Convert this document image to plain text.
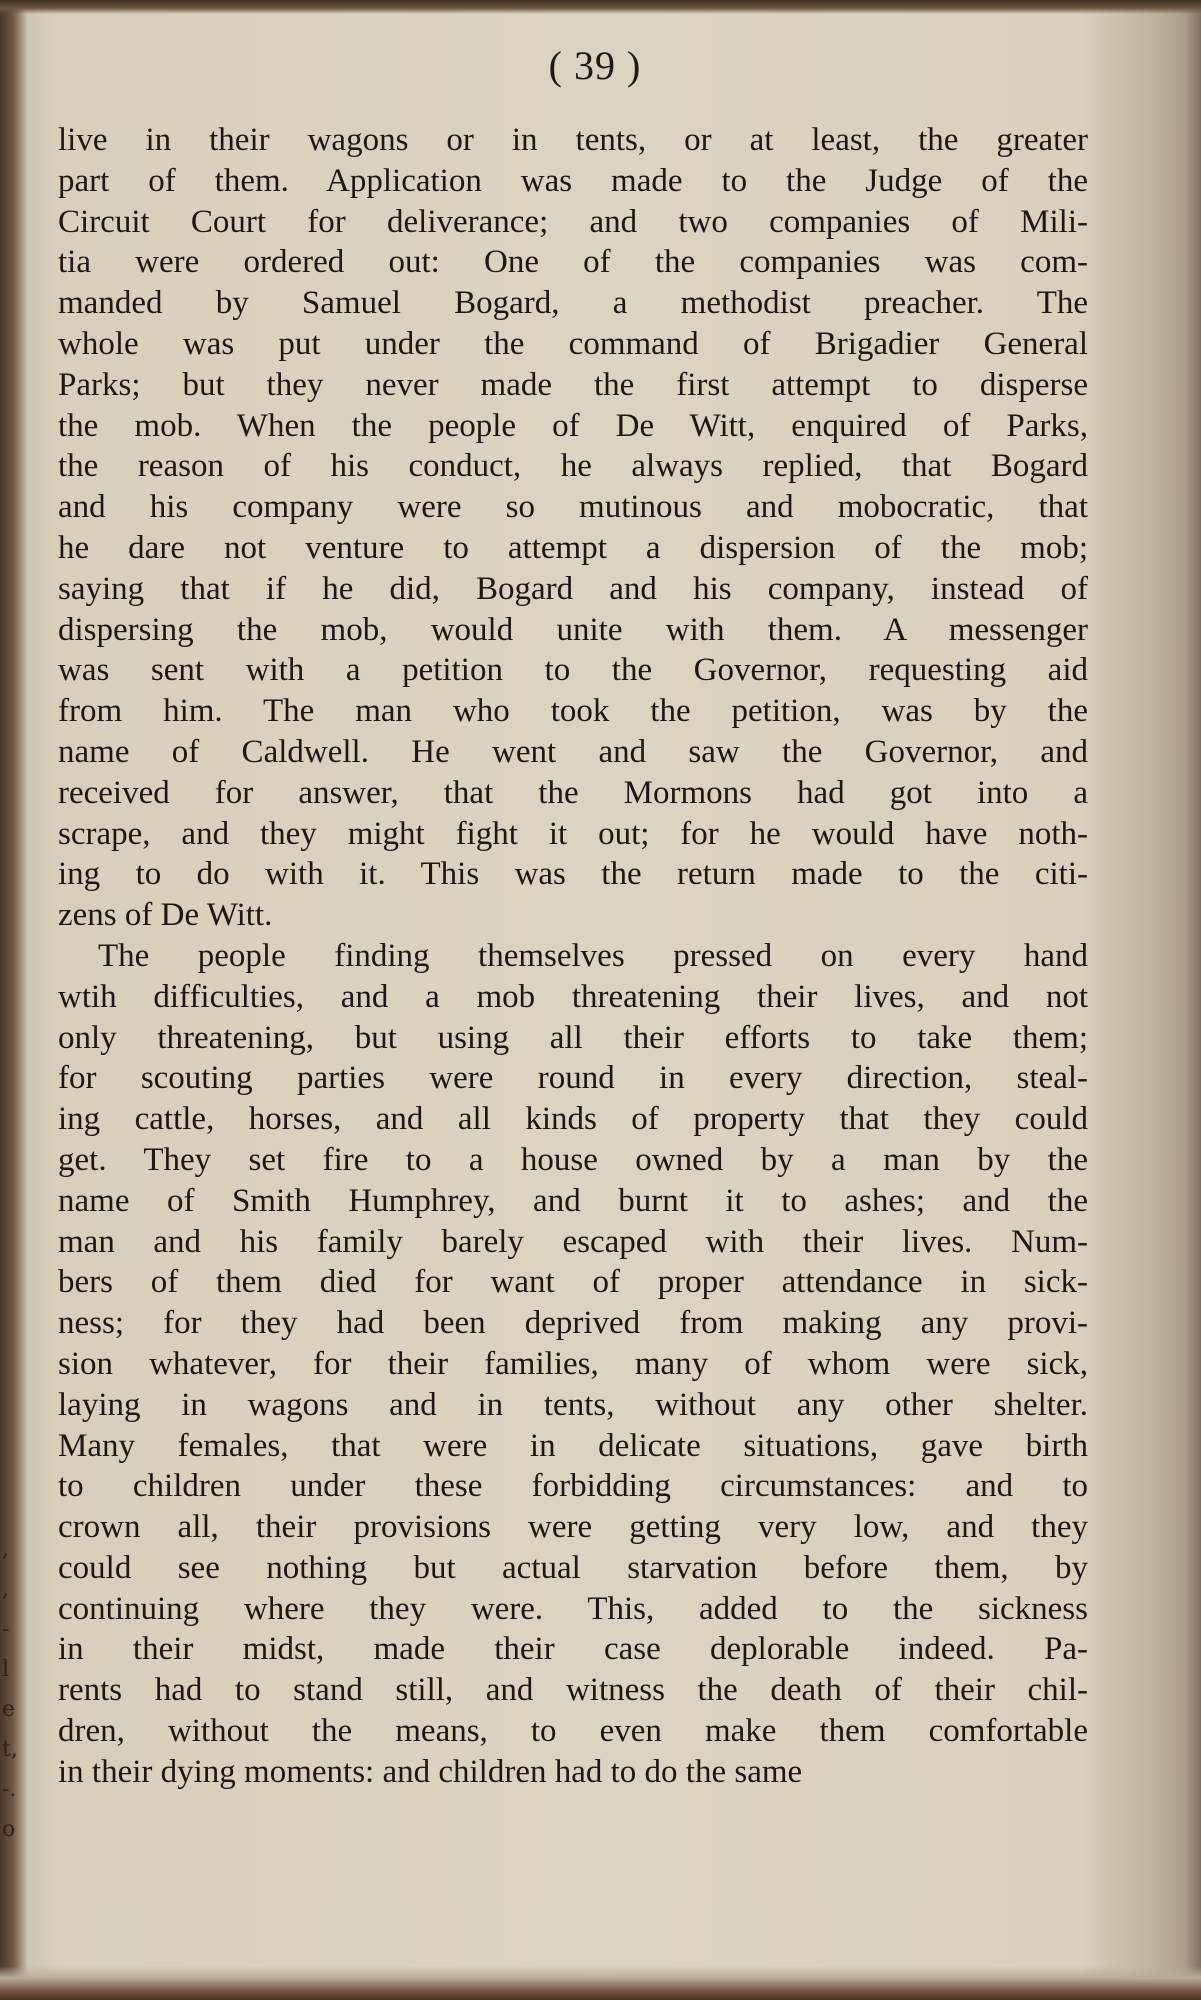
( 39 )
live in their wagons or in tents, or at least, the greater
part of them. Application was made to the Judge of the
Circuit Court for deliverance; and two companies of Mili-
tia were ordered out: One of the companies was com-
manded by Samuel Bogard, a methodist preacher. The
whole was put under the command of Brigadier General
Parks; but they never made the first attempt to disperse
the mob. When the people of De Witt, enquired of Parks,
the reason of his conduct, he always replied, that Bogard
and his company were so mutinous and mobocratic, that
he dare not venture to attempt a dispersion of the mob;
saying that if he did, Bogard and his company, instead of
dispersing the mob, would unite with them. A messenger
was sent with a petition to the Governor, requesting aid
from him. The man who took the petition, was by the
name of Caldwell. He went and saw the Governor, and
received for answer, that the Mormons had got into a
scrape, and they might fight it out; for he would have noth-
ing to do with it. This was the return made to the citi-
zens of De Witt.
The people finding themselves pressed on every hand
wtih difficulties, and a mob threatening their lives, and not
only threatening, but using all their efforts to take them;
for scouting parties were round in every direction, steal-
ing cattle, horses, and all kinds of property that they could
get. They set fire to a house owned by a man by the
name of Smith Humphrey, and burnt it to ashes; and the
man and his family barely escaped with their lives. Num-
bers of them died for want of proper attendance in sick-
ness; for they had been deprived from making any provi-
sion whatever, for their families, many of whom were sick,
laying in wagons and in tents, without any other shelter.
Many females, that were in delicate situations, gave birth
to children under these forbidding circumstances: and to
crown all, their provisions were getting very low, and they
could see nothing but actual starvation before them, by
continuing where they were. This, added to the sickness
in their midst, made their case deplorable indeed. Pa-
rents had to stand still, and witness the death of their chil-
dren, without the means, to even make them comfortable
in their dying moments: and children had to do the same
,
,
-
l
e
t,
-.
o
